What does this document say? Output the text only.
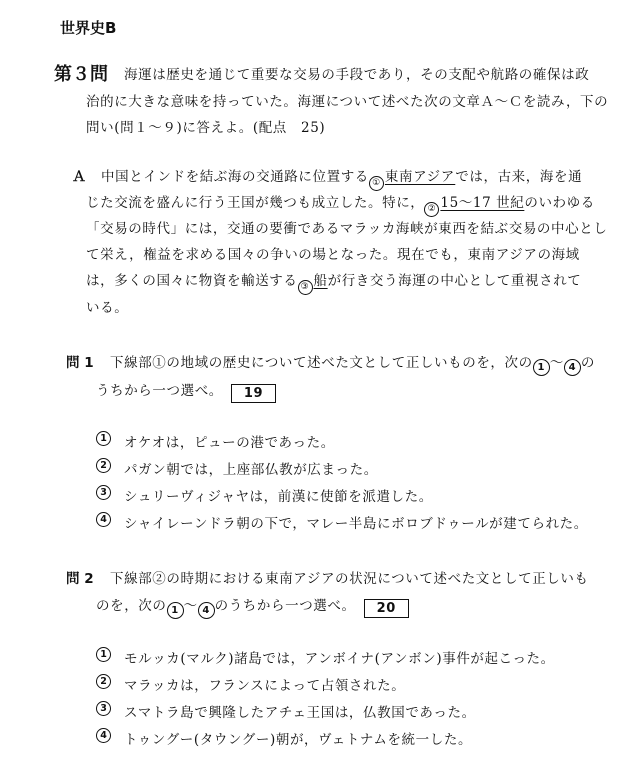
世界史B
第３問 海運は歴史を通じて重要な交易の手段であり，その支配や航路の確保は政
治的に大きな意味を持っていた。海運について述べた次の文章Ａ～Ｃを読み，下の
問い(問１～９)に答えよ。(配点　25)
Ａ 中国とインドを結ぶ海の交通路に位置する ① 東南アジアでは，古来，海を通
じた交流を盛んに行う王国が幾つも成立した。特に， ② 15～17 世紀のいわゆる
「交易の時代」には，交通の要衝であるマラッカ海峡が東西を結ぶ交易の中心とし
て栄え，権益を求める国々の争いの場となった。現在でも，東南アジアの海域
は，多くの国々に物資を輸送する ③ 船が行き交う海運の中心として重視されて
いる。
問 1 下線部①の地域の歴史について述べた文として正しいものを，次の 1 ～ 4 の
うちから一つ選べ。 19
1	オケオは，ピューの港であった。
2	パガン朝では，上座部仏教が広まった。
3	シュリーヴィジャヤは，前漢に使節を派遣した。
4	シャイレーンドラ朝の下で，マレー半島にボロブドゥールが建てられた。
問 2 下線部②の時期における東南アジアの状況について述べた文として正しいも
のを，次の 1 ～ 4 のうちから一つ選べ。 20
1	モルッカ(マルク)諸島では，アンボイナ(アンボン)事件が起こった。
2	マラッカは，フランスによって占領された。
3	スマトラ島で興隆したアチェ王国は，仏教国であった。
4	トゥングー(タウングー)朝が，ヴェトナムを統一した。
